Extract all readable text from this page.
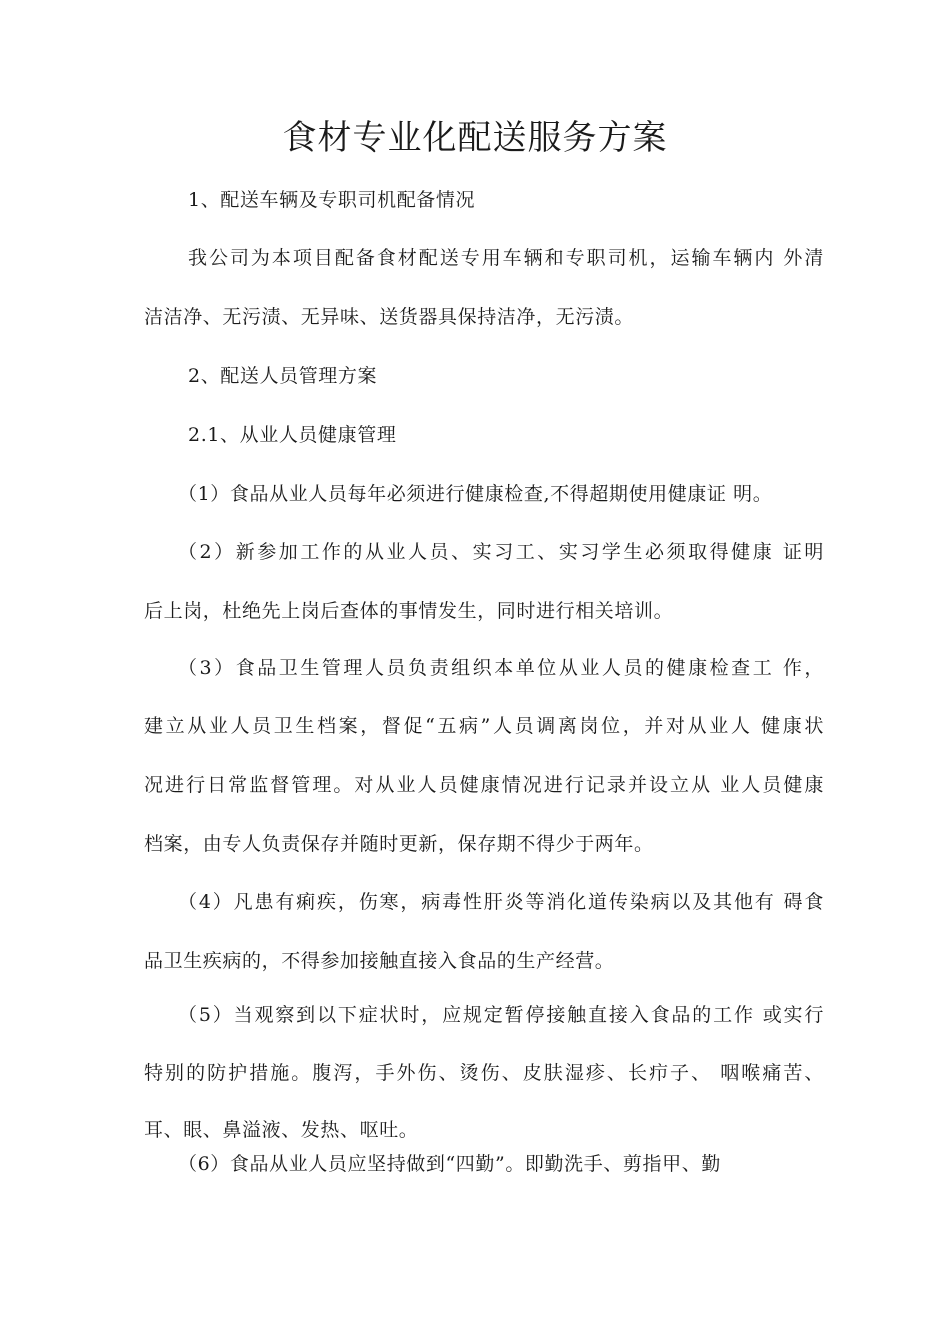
食材专业化配送服务方案
1、配送车辆及专职司机配备情况
我公司为本项目配备食材配送专用车辆和专职司机，运输车辆内 外清
洁洁净、无污渍、无异味、送货器具保持洁净，无污渍。
2、配送人员管理方案
2.1、从业人员健康管理
（1）食品从业人员每年必须进行健康检查,不得超期使用健康证 明。
（2）新参加工作的从业人员、实习工、实习学生必须取得健康 证明
后上岗，杜绝先上岗后查体的事情发生，同时进行相关培训。
（3）食品卫生管理人员负责组织本单位从业人员的健康检查工 作，
建立从业人员卫生档案，督促“五病”人员调离岗位，并对从业人 健康状
况进行日常监督管理。对从业人员健康情况进行记录并设立从 业人员健康
档案，由专人负责保存并随时更新，保存期不得少于两年。
（4）凡患有痢疾，伤寒，病毒性肝炎等消化道传染病以及其他有 碍食
品卫生疾病的，不得参加接触直接入食品的生产经营。
（5）当观察到以下症状时，应规定暂停接触直接入食品的工作 或实行
特别的防护措施。腹泻，手外伤、烫伤、皮肤湿疹、长疖子、 咽喉痛苦、
耳、眼、鼻溢液、发热、呕吐。
（6）食品从业人员应坚持做到“四勤”。即勤洗手、剪指甲、勤
